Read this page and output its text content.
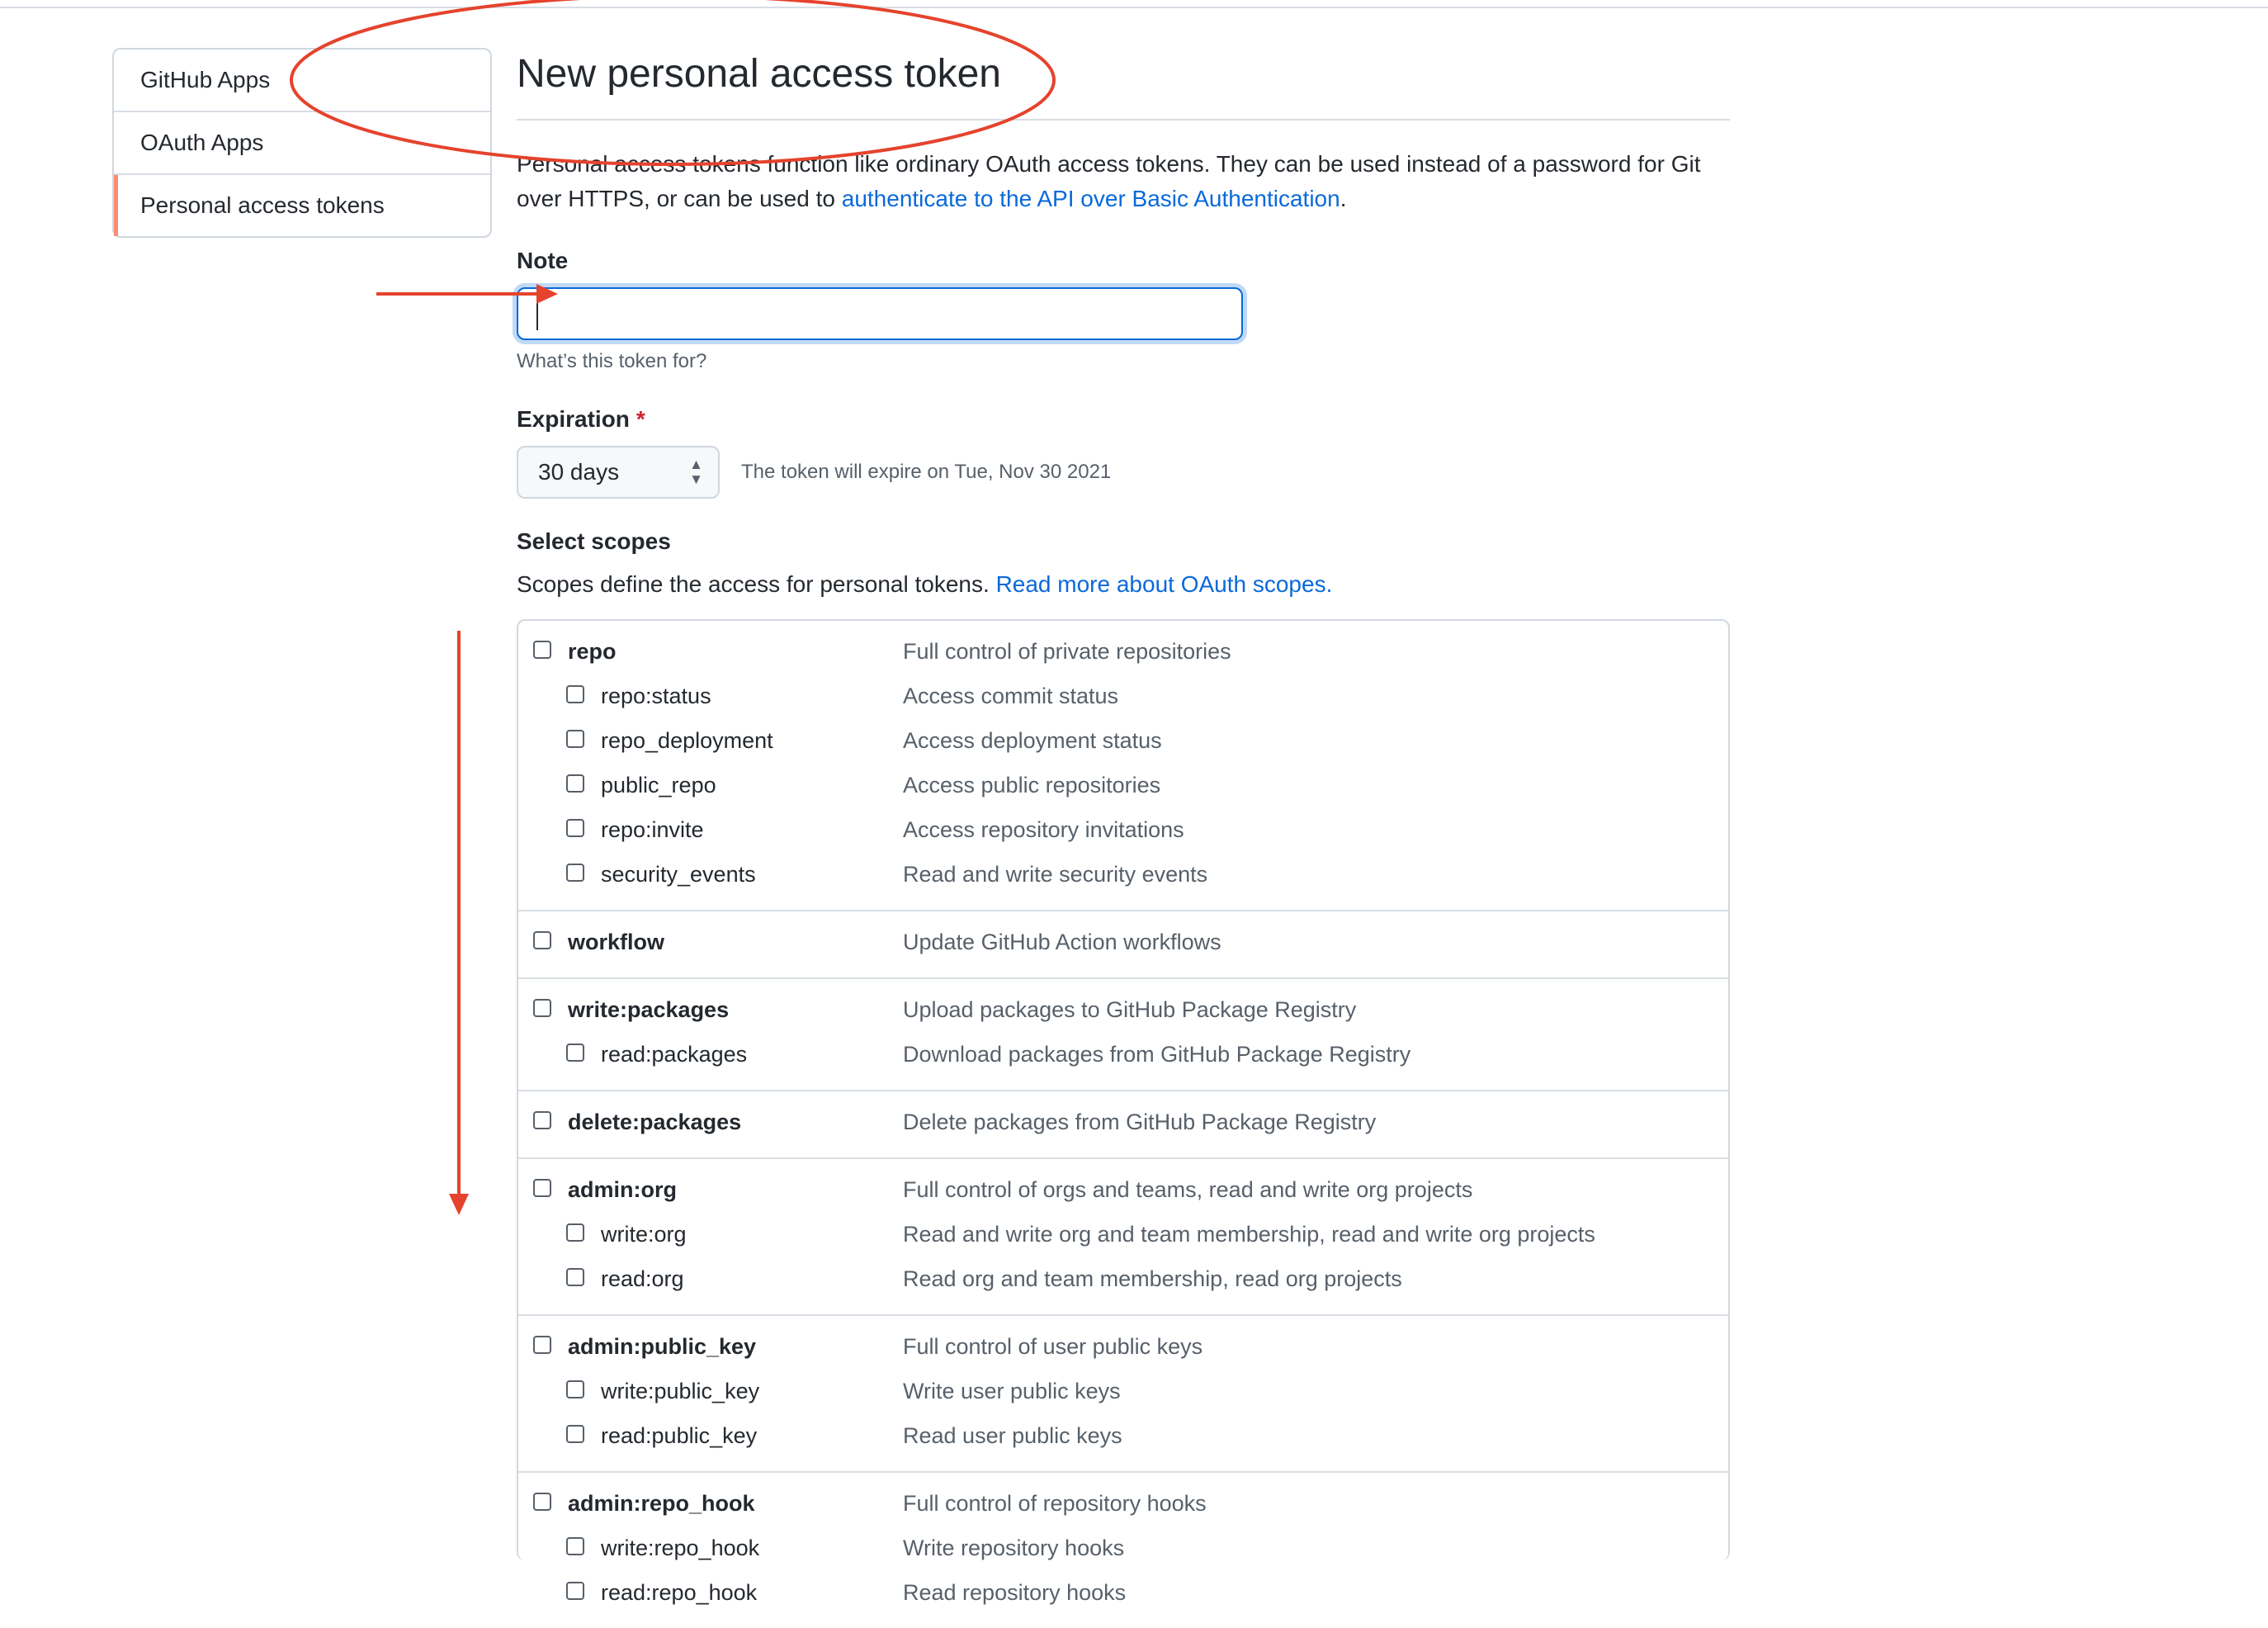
GitHub Apps
OAuth Apps
Personal access tokens
New personal access token

Personal access tokens function like ordinary OAuth access tokens. They can be used instead of a password for Git over HTTPS, or can be used to authenticate to the API over Basic Authentication.

Note
What’s this token for?
Expiration *
30 days	▲
▼ The token will expire on Tue, Nov 30 2021
Select scopes
Scopes define the access for personal tokens. Read more about OAuth scopes.
repo	Full control of private repositories
repo:status	Access commit status
repo_deployment	Access deployment status
public_repo	Access public repositories
repo:invite	Access repository invitations
security_events	Read and write security events
workflow	Update GitHub Action workflows
write:packages	Upload packages to GitHub Package Registry
read:packages	Download packages from GitHub Package Registry
delete:packages	Delete packages from GitHub Package Registry
admin:org	Full control of orgs and teams, read and write org projects
write:org	Read and write org and team membership, read and write org projects
read:org	Read org and team membership, read org projects
admin:public_key	Full control of user public keys
write:public_key	Write user public keys
read:public_key	Read user public keys
admin:repo_hook	Full control of repository hooks
write:repo_hook	Write repository hooks
read:repo_hook	Read repository hooks
